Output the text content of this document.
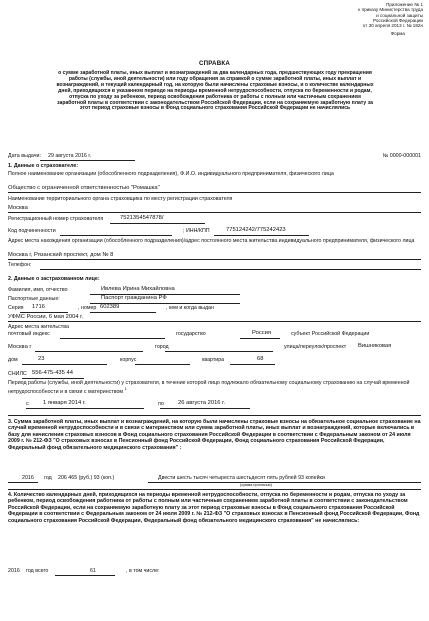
Приложение № 1
к приказу Министерства труда
и социальной защиты
Российской Федерации
от 30 апреля 2013 г. № 182н
Форма
СПРАВКА
о сумме заработной платы, иных выплат и вознаграждений за два календарных года, предшествующих году прекращения работы (службы, иной деятельности) или году обращения за справкой о сумме заработной платы, иных выплат и вознаграждений, и текущий календарный год, на которую были начислены страховые взносы, и о количестве календарных дней, приходящихся в указанном периоде на периоды временной нетрудоспособности, отпуска по беременности и родам, отпуска по уходу за ребенком, период освобождения работника от работы с полным или частичным сохранением заработной платы в соответствии с законодательством Российской Федерации, если на сохраняемую заработную плату за этот период страховые взносы в Фонд социального страхования Российской Федерации не начислялись
Дата выдачи: 29 августа 2016 г.	№ 0000-000001
1. Данные о страхователе:
Полное наименование организации (обособленного подразделения), Ф.И.О. индивидуального предпринимателя, физического лица
Общество с ограниченной ответственностью "Ромашка"
Наименование территориального органа страховщика по месту регистрации страхователя
Москва
Регистрационный номер страхователя	7521354547878/
Код подчиненности	; ИНН/КПП	775124242/775242423
Адрес места нахождения организации (обособленного подразделения)/адрес постоянного места жительства индивидуального предпринимателя, физического лица
Москва г, Рязанский проспект, дом № 8
Телефон:
2. Данные о застрахованном лице:
Фамилия, имя, отчество	Ивлева Ирина Михайловна
Паспортные данные:	Паспорт гражданина РФ
Серия 1716	, номер 602389	, кем и когда выдан
УФМС России, 6 мая 2004 г.
Адрес места жительства
почтовый индекс	государство	Россия	субъект Российской Федерации
Москва г	город	улица/переулок/проспект Вишняковая
дом	23	корпус	квартира	68
СНИЛС 556-475-435 44
Период работы (службы, иной деятельности) у страхователя, в течение которой лицо подлежало обязательному социальному страхованию на случай временной нетрудоспособности и в связи с материнством $^1$
с 1 января 2014 г.	по 26 августа 2016 г.
3. Сумма заработной платы, иных выплат и вознаграждений, на которую были начислены страховые взносы на обязательное социальное страхование на случай временной нетрудоспособности и в связи с материнством или сумма заработной платы, иных выплат и вознаграждений, которые включались в базу для начисления страховых взносов в Фонд социального страхования Российской Федерации в соответствии с Федеральным законом от 24 июля 2009 г. № 212-ФЗ "О страховых взносах в Пенсионный фонд Российской Федерации, Фонд социального страхования Российской Федерации, Федеральный фонд обязательного медицинского страхования" :
2016 год 206 465 (руб.) 93 (коп.)	Двести шесть тысяч четыреста шестьдесят пять рублей 93 копейки
(сумма прописью)
4. Количество календарных дней, приходящихся на периоды временной нетрудоспособности, отпуска по беременности и родам, отпуска по уходу за ребенком, период освобождения работника от работы с полным или частичным сохранением заработной платы в соответствии с законодательством Российской Федерации, если на сохраняемую заработную плату за этот период страховые взносы в Фонд социального страхования Российской Федерации в соответствии с Федеральным законом от 24 июля 2009 г. № 212-ФЗ "О страховых взносах в Пенсионный фонд Российской Федерации, Фонд социального страхования Российской Федерации, Федеральный фонд обязательного медицинского страхования" не начислялись:
2016 год всего	61	, в том числе:
